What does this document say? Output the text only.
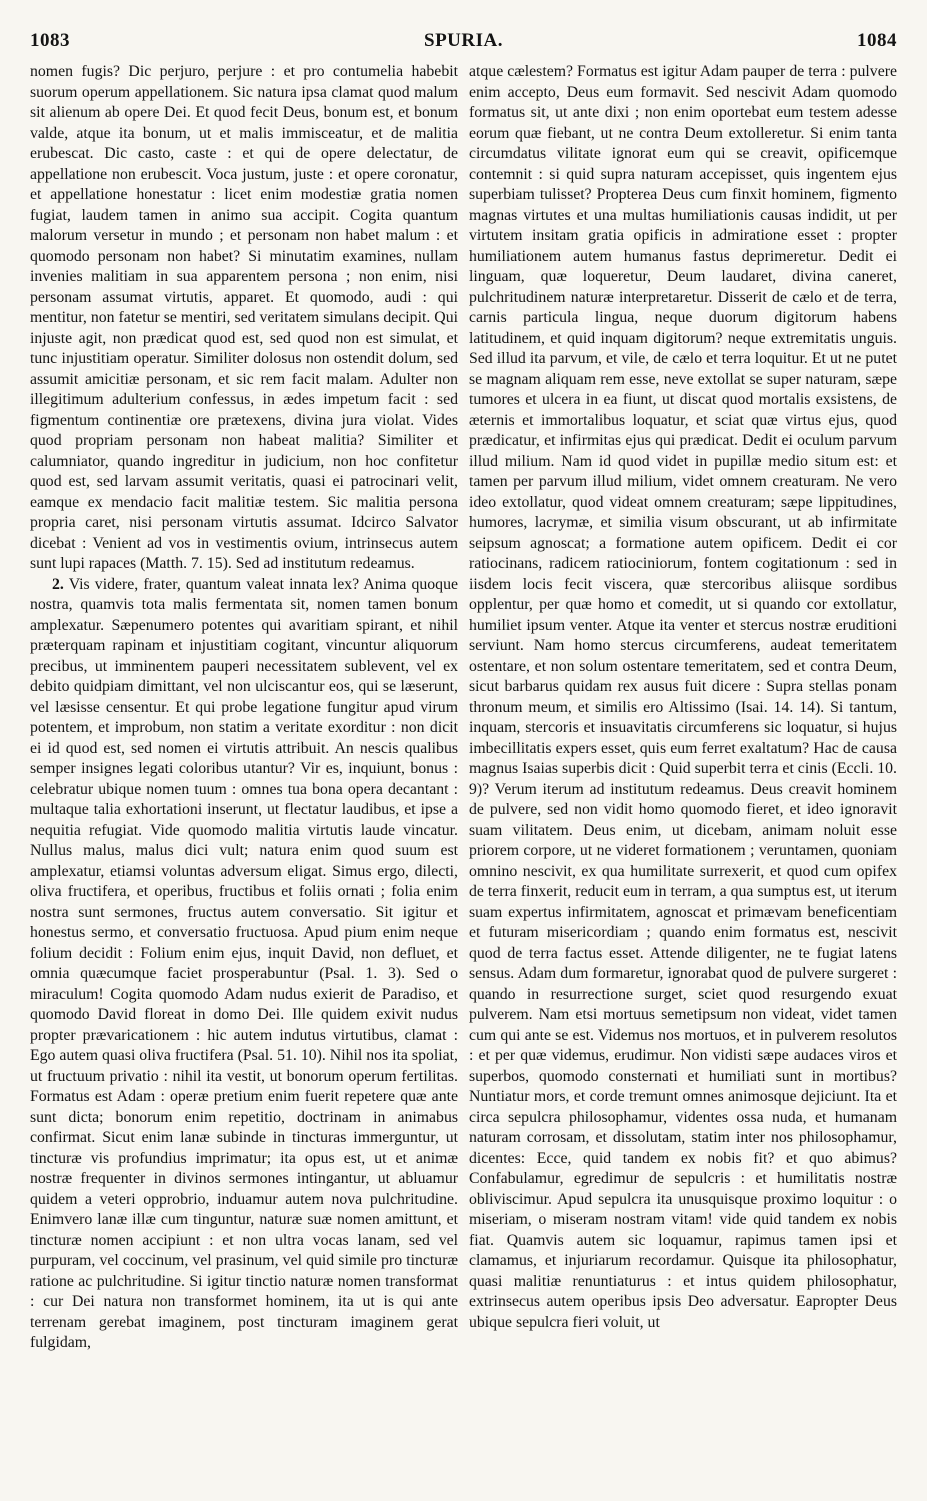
1083	SPURIA.	1084

nomen fugis? Dic perjuro, perjure : et pro contumelia habebit suorum operum appellationem. Sic natura ipsa clamat quod malum sit alienum ab opere Dei. Et quod fecit Deus, bonum est, et bonum valde, atque ita bonum, ut et malis immisceatur, et de malitia erubescat. Dic casto, caste : et qui de opere delectatur, de appellatione non erubescit. Voca justum, juste : et opere coronatur, et appellatione honestatur : licet enim modestiæ gratia nomen fugiat, laudem tamen in animo sua accipit. Cogita quantum malorum versetur in mundo ; et personam non habet malum : et quomodo personam non habet? Si minutatim examines, nullam invenies malitiam in sua apparentem persona ; non enim, nisi personam assumat virtutis, apparet. Et quomodo, audi : qui mentitur, non fatetur se mentiri, sed veritatem simulans decipit. Qui injuste agit, non prædicat quod est, sed quod non est simulat, et tunc injustitiam operatur. Similiter dolosus non ostendit dolum, sed assumit amicitiæ personam, et sic rem facit malam. Adulter non illegitimum adulterium confessus, in ædes impetum facit : sed figmentum continentiæ ore prætexens, divina jura violat. Vides quod propriam personam non habeat malitia? Similiter et calumniator, quando ingreditur in judicium, non hoc confitetur quod est, sed larvam assumit veritatis, quasi ei patrocinari velit, eamque ex mendacio facit malitiæ testem. Sic malitia persona propria caret, nisi personam virtutis assumat. Idcirco Salvator dicebat : Venient ad vos in vestimentis ovium, intrinsecus autem sunt lupi rapaces (Matth. 7. 15). Sed ad institutum redeamus.

2. Vis videre, frater, quantum valeat innata lex? Anima quoque nostra, quamvis tota malis fermentata sit, nomen tamen bonum amplexatur. Sæpenumero potentes qui avaritiam spirant, et nihil præterquam rapinam et injustitiam cogitant, vincuntur aliquorum precibus, ut imminentem pauperi necessitatem sublevent, vel ex debito quidpiam dimittant, vel non ulciscantur eos, qui se læserunt, vel læsisse censentur. Et qui probe legatione fungitur apud virum potentem, et improbum, non statim a veritate exorditur : non dicit ei id quod est, sed nomen ei virtutis attribuit. An nescis qualibus semper insignes legati coloribus utantur? Vir es, inquiunt, bonus : celebratur ubique nomen tuum : omnes tua bona opera decantant : multaque talia exhortationi inserunt, ut flectatur laudibus, et ipse a nequitia refugiat. Vide quomodo malitia virtutis laude vincatur. Nullus malus, malus dici vult; natura enim quod suum est amplexatur, etiamsi voluntas adversum eligat. Simus ergo, dilecti, oliva fructifera, et operibus, fructibus et foliis ornati ; folia enim nostra sunt sermones, fructus autem conversatio. Sit igitur et honestus sermo, et conversatio fructuosa. Apud pium enim neque folium decidit : Folium enim ejus, inquit David, non defluet, et omnia quæcumque faciet prosperabuntur (Psal. 1. 3). Sed o miraculum! Cogita quomodo Adam nudus exierit de Paradiso, et quomodo David floreat in domo Dei. Ille quidem exivit nudus propter prævaricationem : hic autem indutus virtutibus, clamat : Ego autem quasi oliva fructifera (Psal. 51. 10). Nihil nos ita spoliat, ut fructuum privatio : nihil ita vestit, ut bonorum operum fertilitas. Formatus est Adam : operæ pretium enim fuerit repetere quæ ante sunt dicta; bonorum enim repetitio, doctrinam in animabus confirmat. Sicut enim lanæ subinde in tincturas immerguntur, ut tincturæ vis profundius imprimatur; ita opus est, ut et animæ nostræ frequenter in divinos sermones intingantur, ut abluamur quidem a veteri opprobrio, induamur autem nova pulchritudine. Enimvero lanæ illæ cum tinguntur, naturæ suæ nomen amittunt, et tincturæ nomen accipiunt : et non ultra vocas lanam, sed vel purpuram, vel coccinum, vel prasinum, vel quid simile pro tincturæ ratione ac pulchritudine. Si igitur tinctio naturæ nomen transformat : cur Dei natura non transformet hominem, ita ut is qui ante terrenam gerebat imaginem, post tincturam imaginem gerat fulgidam,

atque cælestem? Formatus est igitur Adam pauper de terra : pulvere enim accepto, Deus eum formavit. Sed nescivit Adam quomodo formatus sit, ut ante dixi ; non enim oportebat eum testem adesse eorum quæ fiebant, ut ne contra Deum extolleretur. Si enim tanta circumdatus vilitate ignorat eum qui se creavit, opificemque contemnit : si quid supra naturam accepisset, quis ingentem ejus superbiam tulisset? Propterea Deus cum finxit hominem, figmento magnas virtutes et una multas humiliationis causas indidit, ut per virtutem insitam gratia opificis in admiratione esset : propter humiliationem autem humanus fastus deprimeretur. Dedit ei linguam, quæ loqueretur, Deum laudaret, divina caneret, pulchritudinem naturæ interpretaretur. Disserit de cælo et de terra, carnis particula lingua, neque duorum digitorum habens latitudinem, et quid inquam digitorum? neque extremitatis unguis. Sed illud ita parvum, et vile, de cælo et terra loquitur. Et ut ne putet se magnam aliquam rem esse, neve extollat se super naturam, sæpe tumores et ulcera in ea fiunt, ut discat quod mortalis exsistens, de æternis et immortalibus loquatur, et sciat quæ virtus ejus, quod prædicatur, et infirmitas ejus qui prædicat. Dedit ei oculum parvum illud milium. Nam id quod videt in pupillæ medio situm est: et tamen per parvum illud milium, videt omnem creaturam. Ne vero ideo extollatur, quod videat omnem creaturam; sæpe lippitudines, humores, lacrymæ, et similia visum obscurant, ut ab infirmitate seipsum agnoscat; a formatione autem opificem. Dedit ei cor ratiocinans, radicem ratiociniorum, fontem cogitationum : sed in iisdem locis fecit viscera, quæ stercoribus aliisque sordibus opplentur, per quæ homo et comedit, ut si quando cor extollatur, humiliet ipsum venter. Atque ita venter et stercus nostræ eruditioni serviunt. Nam homo stercus circumferens, audeat temeritatem ostentare, et non solum ostentare temeritatem, sed et contra Deum, sicut barbarus quidam rex ausus fuit dicere : Supra stellas ponam thronum meum, et similis ero Altissimo (Isai. 14. 14). Si tantum, inquam, stercoris et insuavitatis circumferens sic loquatur, si hujus imbecillitatis expers esset, quis eum ferret exaltatum? Hac de causa magnus Isaias superbis dicit : Quid superbit terra et cinis (Eccli. 10. 9)? Verum iterum ad institutum redeamus. Deus creavit hominem de pulvere, sed non vidit homo quomodo fieret, et ideo ignoravit suam vilitatem. Deus enim, ut dicebam, animam noluit esse priorem corpore, ut ne videret formationem ; veruntamen, quoniam omnino nescivit, ex qua humilitate surrexerit, et quod cum opifex de terra finxerit, reducit eum in terram, a qua sumptus est, ut iterum suam expertus infirmitatem, agnoscat et primævam beneficentiam et futuram misericordiam ; quando enim formatus est, nescivit quod de terra factus esset. Attende diligenter, ne te fugiat latens sensus. Adam dum formaretur, ignorabat quod de pulvere surgeret : quando in resurrectione surget, sciet quod resurgendo exuat pulverem. Nam etsi mortuus semetipsum non videat, videt tamen cum qui ante se est. Videmus nos mortuos, et in pulverem resolutos : et per quæ videmus, erudimur. Non vidisti sæpe audaces viros et superbos, quomodo consternati et humiliati sunt in mortibus? Nuntiatur mors, et corde tremunt omnes animosque dejiciunt. Ita et circa sepulcra philosophamur, videntes ossa nuda, et humanam naturam corrosam, et dissolutam, statim inter nos philosophamur, dicentes: Ecce, quid tandem ex nobis fit? et quo abimus? Confabulamur, egredimur de sepulcris : et humilitatis nostræ obliviscimur. Apud sepulcra ita unusquisque proximo loquitur : o miseriam, o miseram nostram vitam! vide quid tandem ex nobis fiat. Quamvis autem sic loquamur, rapimus tamen ipsi et clamamus, et injuriarum recordamur. Quisque ita philosophatur, quasi malitiæ renuntiaturus : et intus quidem philosophatur, extrinsecus autem operibus ipsis Deo adversatur. Eapropter Deus ubique sepulcra fieri voluit, ut
